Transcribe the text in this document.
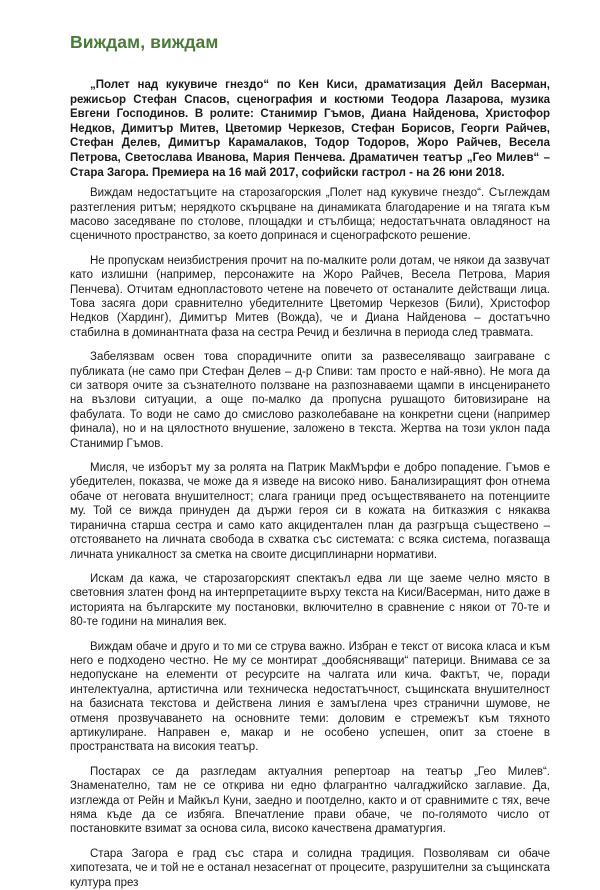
Виждам, виждам

„Полет над кукувиче гнездо“ по Кен Киси, драматизация Дейл Васерман, режисьор Стефан Спасов, сценография и костюми Теодора Лазарова, музика Евгени Господинов. В ролите: Станимир Гъмов, Диана Найденова, Христофор Недков, Димитър Митев, Цветомир Черкезов, Стефан Борисов, Георги Райчев, Стефан Делев, Димитър Карамалаков, Тодор Тодоров, Жоро Райчев, Весела Петрова, Светослава Иванова, Мария Пенчева. Драматичен театър „Гео Милев“ – Стара Загора. Премиера на 16 май 2017, софийски гастрол - на 26 юни 2018.

Виждам недостатъците на старозагорския „Полет над кукувиче гнездо“. Съглеждам разтегления ритъм; нерядкото скърцване на динамиката благодарение и на тягата към масово заседяване по столове, площадки и стълбища; недостатъчната овладяност на сценичното пространство, за което допринася и сценографското решение.

Не пропускам неизбистрения прочит на по-малките роли дотам, че някои да зазвучат като излишни (например, персонажите на Жоро Райчев, Весела Петрова, Мария Пенчева). Отчитам еднопластовото четене на повечето от останалите действащи лица. Това засяга дори сравнително убедителните Цветомир Черкезов (Били), Христофор Недков (Хардинг), Димитър Митев (Вожда), че и Диана Найденова – достатъчно стабилна в доминантната фаза на сестра Речид и безлична в периода след травмата.

Забелязвам освен това спорадичните опити за развеселяващо заиграване с публиката (не само при Стефан Делев – д-р Спиви: там просто е най-явно). Не мога да си затворя очите за съзнателното ползване на разпознаваеми щампи в инсценирането на възлови ситуации, а още по-малко да пропусна рушащото битовизиране на фабулата. То води не само до смислово разколебаване на конкретни сцени (например финала), но и на цялостното внушение, заложено в текста. Жертва на този уклон пада Станимир Гъмов.

Мисля, че изборът му за ролята на Патрик МакМърфи е добро попадение. Гъмов е убедителен, показва, че може да я изведе на високо ниво. Банализиращият фон отнема обаче от неговата внушителност; слага граници пред осъществяването на потенциите му. Той се вижда принуден да държи героя си в кожата на битказжия с някаква тиранична старша сестра и само като акцидентален план да разгръща съществено – отстояването на личната свобода в схватка със системата: с всяка система, погазваща личната уникалност за сметка на своите дисциплинарни нормативи.

Искам да кажа, че старозагорският спектакъл едва ли ще заеме челно място в световния златен фонд на интерпретациите върху текста на Киси/Васерман, нито даже в историята на българските му постановки, включително в сравнение с някои от 70-те и 80-те години на миналия век.

Виждам обаче и друго и то ми се струва важно. Избран е текст от висока класа и към него е подходено честно. Не му се монтират „дообясняващи“ патерици. Внимава се за недопускане на елементи от ресурсите на чалгата или кича. Фактът, че, поради интелектуална, артистична или техническа недостатъчност, същинската внушителност на базисната текстова и действена линия е замъглена чрез странични шумове, не отменя прозвучаването на основните теми: доловим е стремежът към тяхното артикулиране. Направен е, макар и не особено успешен, опит за стоене в пространствата на високия театър.

Постарах се да разгледам актуалния репертоар на театър „Гео Милев“. Знаменателно, там не се открива ни едно флагрантно чалгаджийско заглавие. Да, изглежда от Рейн и Майкъл Куни, заедно и поотделно, както и от сравнимите с тях, вече няма къде да се избяга. Впечатление прави обаче, че по-голямото число от постановките взимат за основа сила, високо качествена драматургия.

Стара Загора е град със стара и солидна традиция. Позволявам си обаче хипотезата, че и той не е останал незасегнат от процесите, разрушителни за същинската култура през
